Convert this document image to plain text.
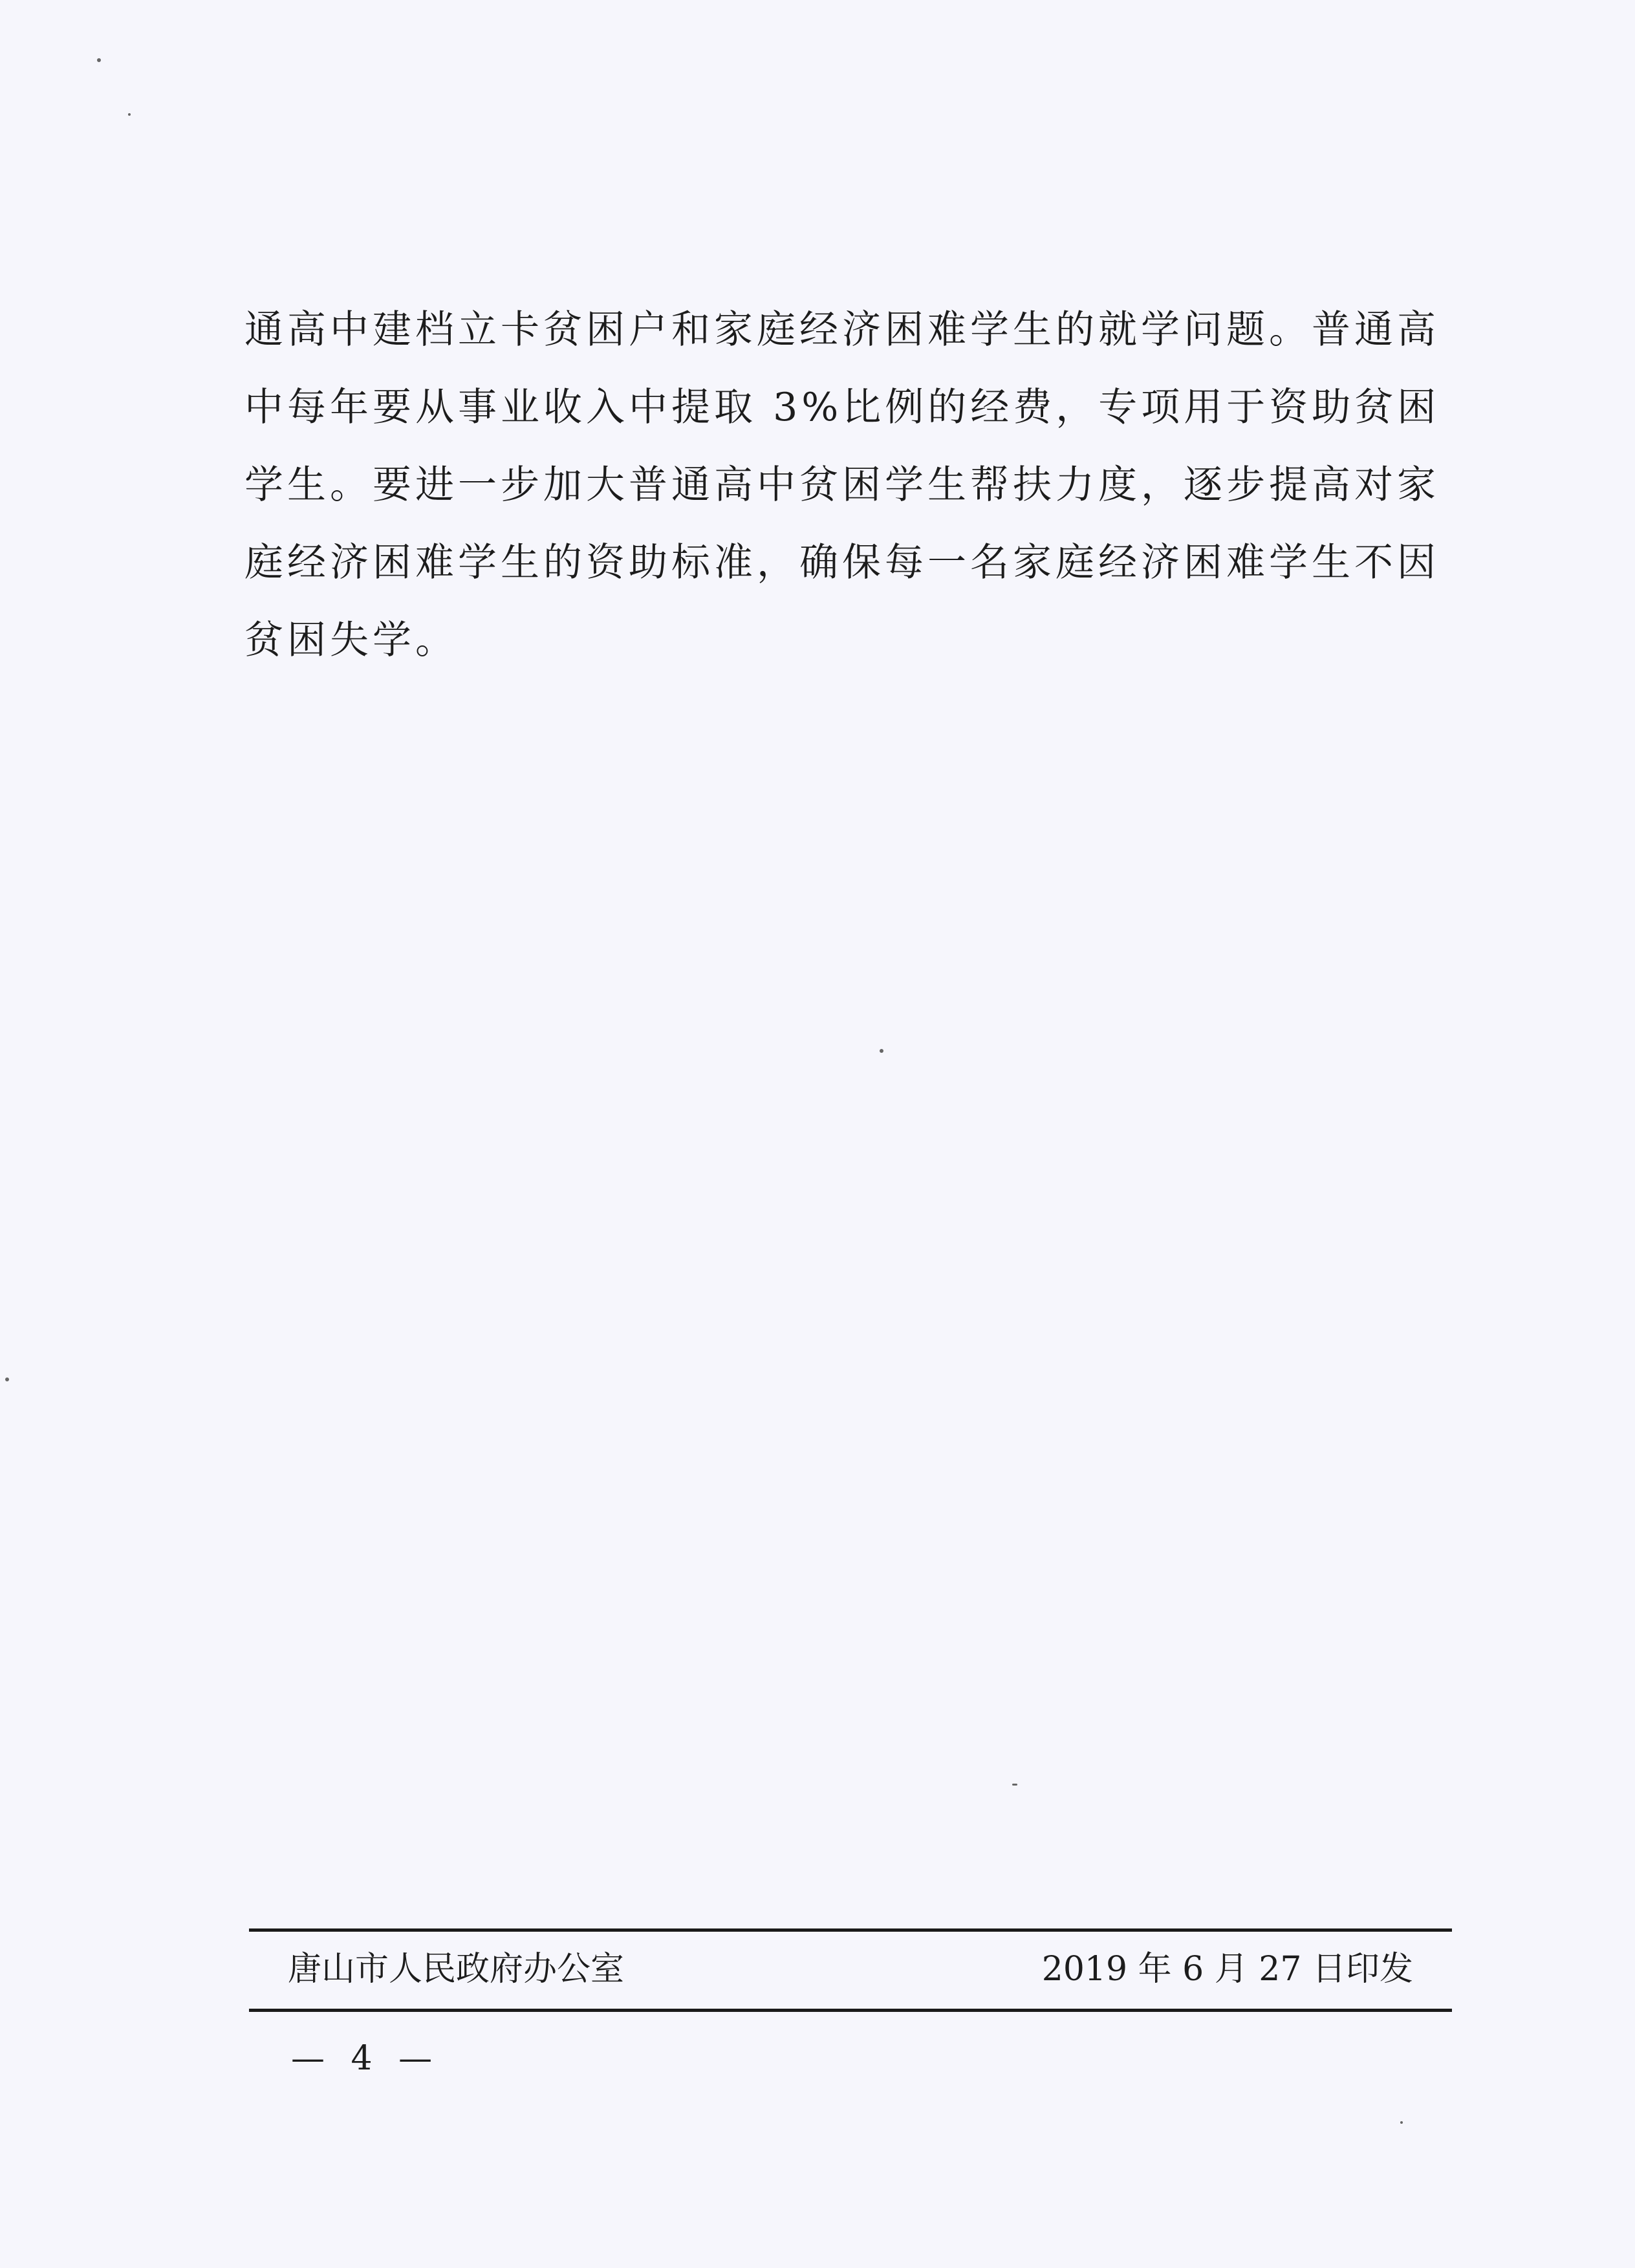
通高中建档立卡贫困户和家庭经济困难学生的就学问题。普通高
中每年要从事业收入中提取 3%比例的经费，专项用于资助贫困
学生。要进一步加大普通高中贫困学生帮扶力度，逐步提高对家
庭经济困难学生的资助标准，确保每一名家庭经济困难学生不因
贫困失学。
唐山市人民政府办公室	2019 年 6 月 27 日印发
— 4 —
